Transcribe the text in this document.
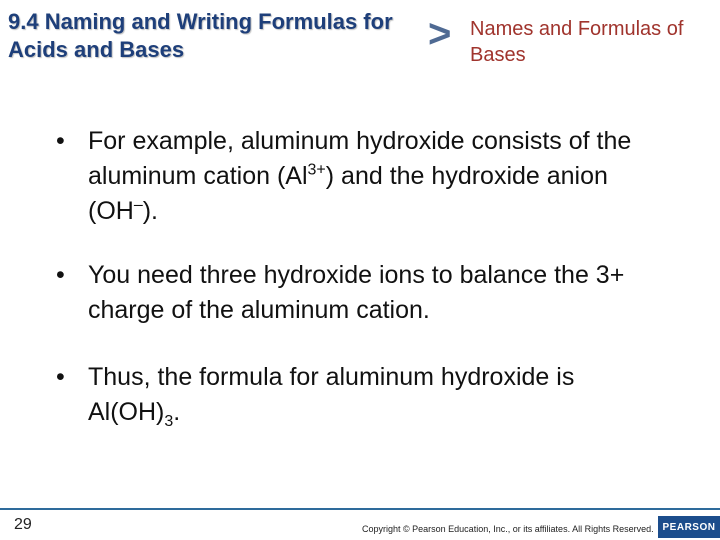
9.4 Naming and Writing Formulas for Acids and Bases	> Names and Formulas of Bases
• For example, aluminum hydroxide consists of the aluminum cation $(Al^{3+})$ and the hydroxide anion (OH–).
• You need three hydroxide ions to balance the 3+ charge of the aluminum cation.
• Thus, the formula for aluminum hydroxide is $Al(OH)_3$.
29	Copyright © Pearson Education, Inc., or its affiliates. All Rights Reserved. PEARSON
